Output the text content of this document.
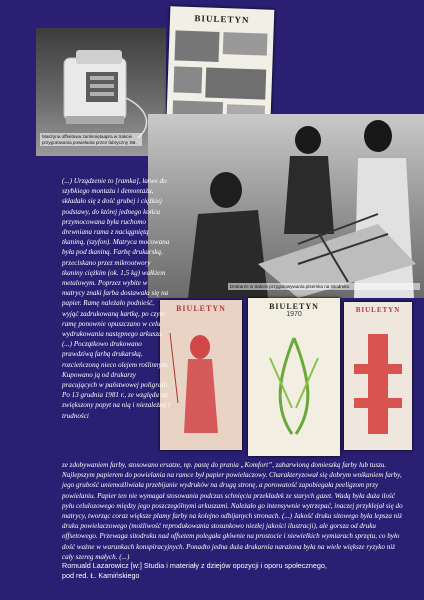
Maszyna offsetowa zamkniętaapra w trakcie przygotowania powielania przez fabryczny SB.
BIULETYN
Drukarze w trakcie przygotowywania pisemka na sitodruku
BIULETYN	BIULETYN
1970
BIULETYN
(...) Urządzenie to [ramka], łatwe do szybkiego montażu i demontażu, składało się z dość grubej i ciężkiej podstawy, do której jednego końca przymocowana była ruchomo drewniana rama z naciągniętą tkaniną, (szyfon). Matryca mocowana była pod tkaniną. Farbę drukarską, przeciskano przez mikrootwory tkaniny ciężkim (ok. 1,5 kg) wałkiem metalowym. Poprzez wybite w matrycy znaki farba dostawała się na papier. Ramę należało podnieść, wyjąć zadrukowaną kartkę, po czym ramę ponownie opuszczano w celu wydrukowania następnego arkusza. (...) Początkowo drukowano prawdziwą farbą drukarską, rozcieńczoną nieco olejem roślinnym. Kupowano ją od drukarzy pracujących w państwowej poligrafii. Po 13 grudnia 1981 r., ze względu na zwiększony popyt na nią i niezależną i trudności
ze zdobywaniem farby, stosowano ersatze, np. pastę do prania „Komfort”, zabarwioną domieszką farby lub tuszu. Najlepszym papierem do powielania na ramce był papier powielaczowy. Charakteryzował się dobrym wnikaniem farby, jego grubość uniemożliwiała przebijanie wydruków na drugą stronę, a porowatość zapobiegała peeligzom przy powielaniu. Papier ten nie wymagał stosowania podczas schnięcia przekładek ze starych gazet. Wadą była duża ilość pyłu celulozowego między jego poszczególnymi arkuszami. Należało go intensywnie wytrzepać, inaczej przyklejał się do matrycy, tworząc coraz większe plamy farby na kolejno odbijanych stronach. (...) Jakość druku sitowego była lepsza niż druku powielaczowego (możliwość reprodukowania stosunkowo niezłej jakości ilustracji), ale gorsza od druku offsetowego. Przewaga sitodruku nad offsetem polegała głównie na prostocie i niewielkich wymiarach sprzętu, co było dość ważne w warunkach konspiracyjnych. Ponadto jedna duża drukarnia narażona była na wiele większe ryzyko niż cały szereg małych. (...)
Romuald Lazarowicz [w:] Studia i materiały z dziejów opozycji i oporu społecznego,
pod red. Ł. Kamińskiego
